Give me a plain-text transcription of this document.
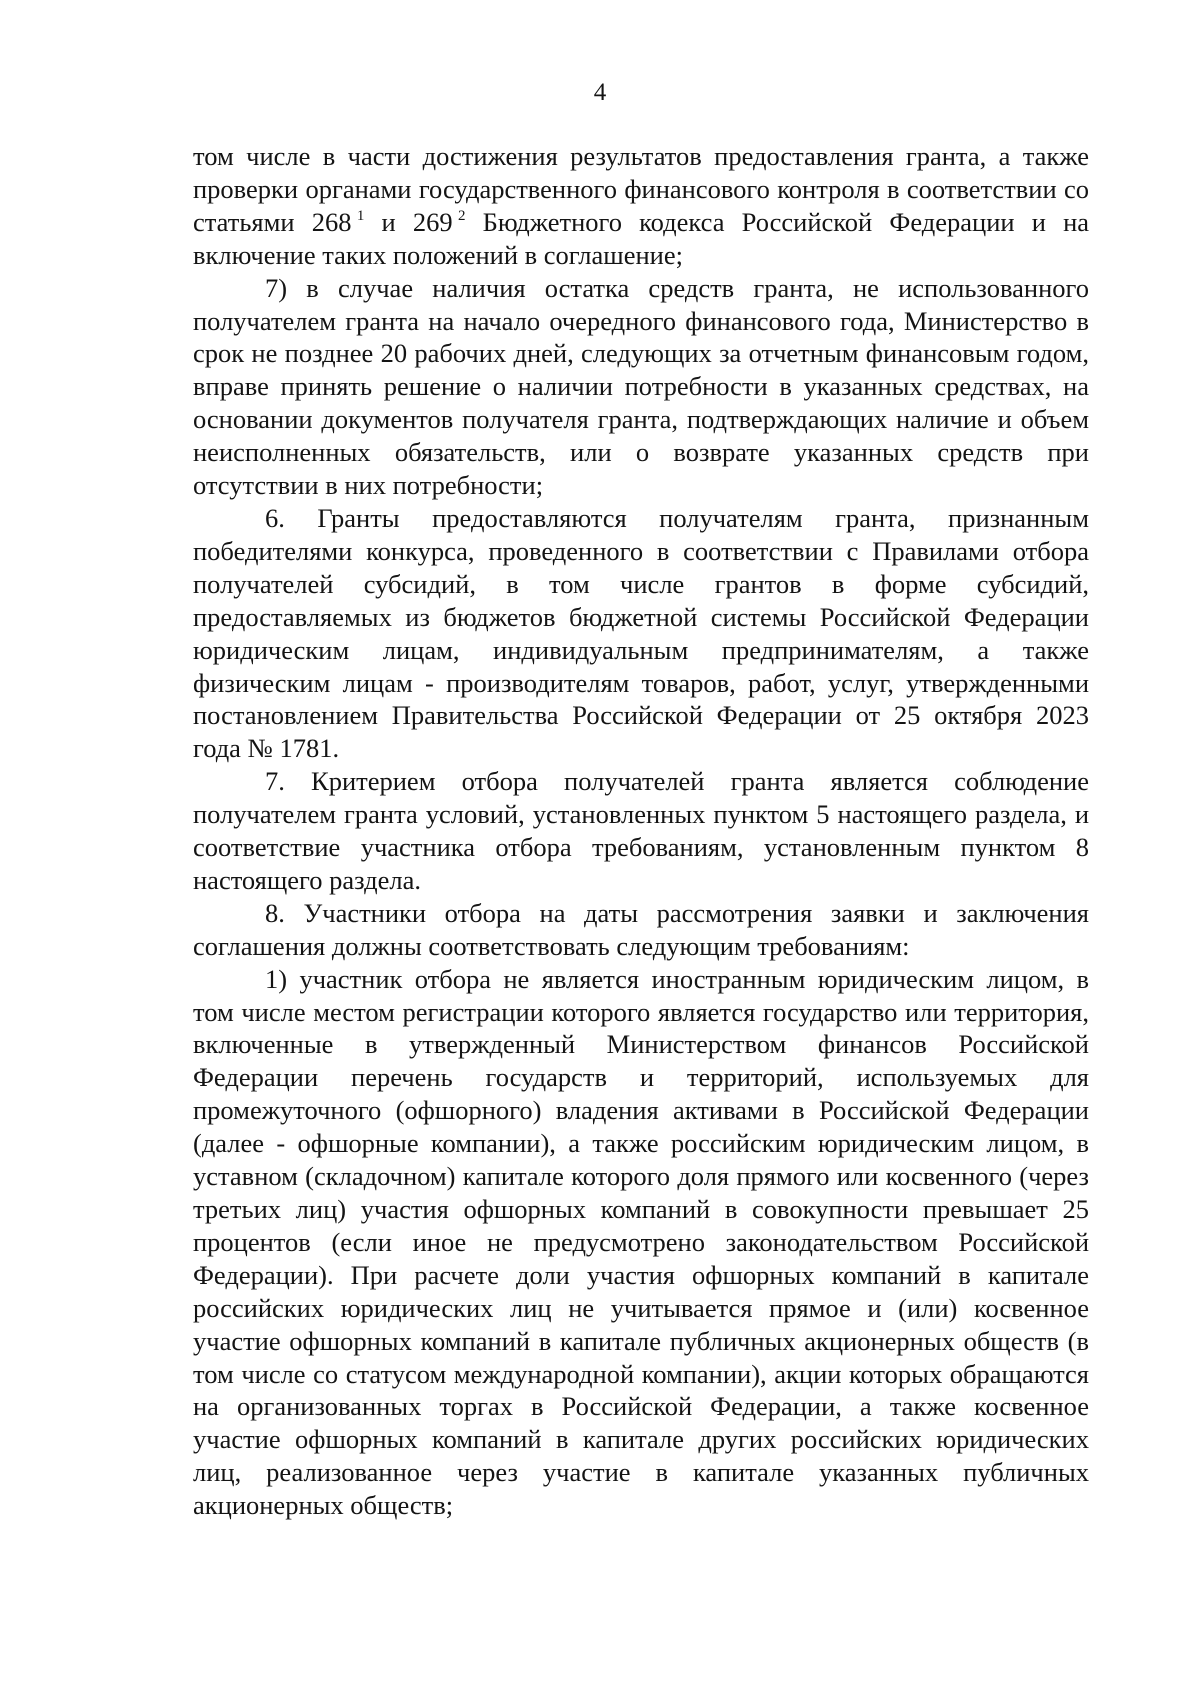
4

том числе в части достижения результатов предоставления гранта, а также проверки органами государственного финансового контроля в соответствии со статьями 268  $^1$ и 269  $^2$ Бюджетного кодекса Российской Федерации и на включение таких положений в соглашение;

7) в случае наличия остатка средств гранта, не использованного получателем гранта на начало очередного финансового года, Министерство в срок не позднее 20 рабочих дней, следующих за отчетным финансовым годом, вправе принять решение о наличии потребности в указанных средствах, на основании документов получателя гранта, подтверждающих наличие и объем неисполненных обязательств, или о возврате указанных средств при отсутствии в них потребности;

6. Гранты предоставляются получателям гранта, признанным победителями конкурса, проведенного в соответствии с Правилами отбора получателей субсидий, в том числе грантов в форме субсидий, предоставляемых из бюджетов бюджетной системы Российской Федерации юридическим лицам, индивидуальным предпринимателям, а также физическим лицам - производителям товаров, работ, услуг, утвержденными постановлением Правительства Российской Федерации от 25 октября 2023 года № 1781.

7. Критерием отбора получателей гранта является соблюдение получателем гранта условий, установленных пунктом 5 настоящего раздела, и соответствие участника отбора требованиям, установленным пунктом 8 настоящего раздела.

8. Участники отбора на даты рассмотрения заявки и заключения соглашения должны соответствовать следующим требованиям:

1) участник отбора не является иностранным юридическим лицом, в том числе местом регистрации которого является государство или территория, включенные в утвержденный Министерством финансов Российской Федерации перечень государств и территорий, используемых для промежуточного (офшорного) владения активами в Российской Федерации (далее - офшорные компании), а также российским юридическим лицом, в уставном (складочном) капитале которого доля прямого или косвенного (через третьих лиц) участия офшорных компаний в совокупности превышает 25 процентов (если иное не предусмотрено законодательством Российской Федерации). При расчете доли участия офшорных компаний в капитале российских юридических лиц не учитывается прямое и (или) косвенное участие офшорных компаний в капитале публичных акционерных обществ (в том числе со статусом международной компании), акции которых обращаются на организованных торгах в Российской Федерации, а также косвенное участие офшорных компаний в капитале других российских юридических лиц, реализованное через участие в капитале указанных публичных акционерных обществ;
